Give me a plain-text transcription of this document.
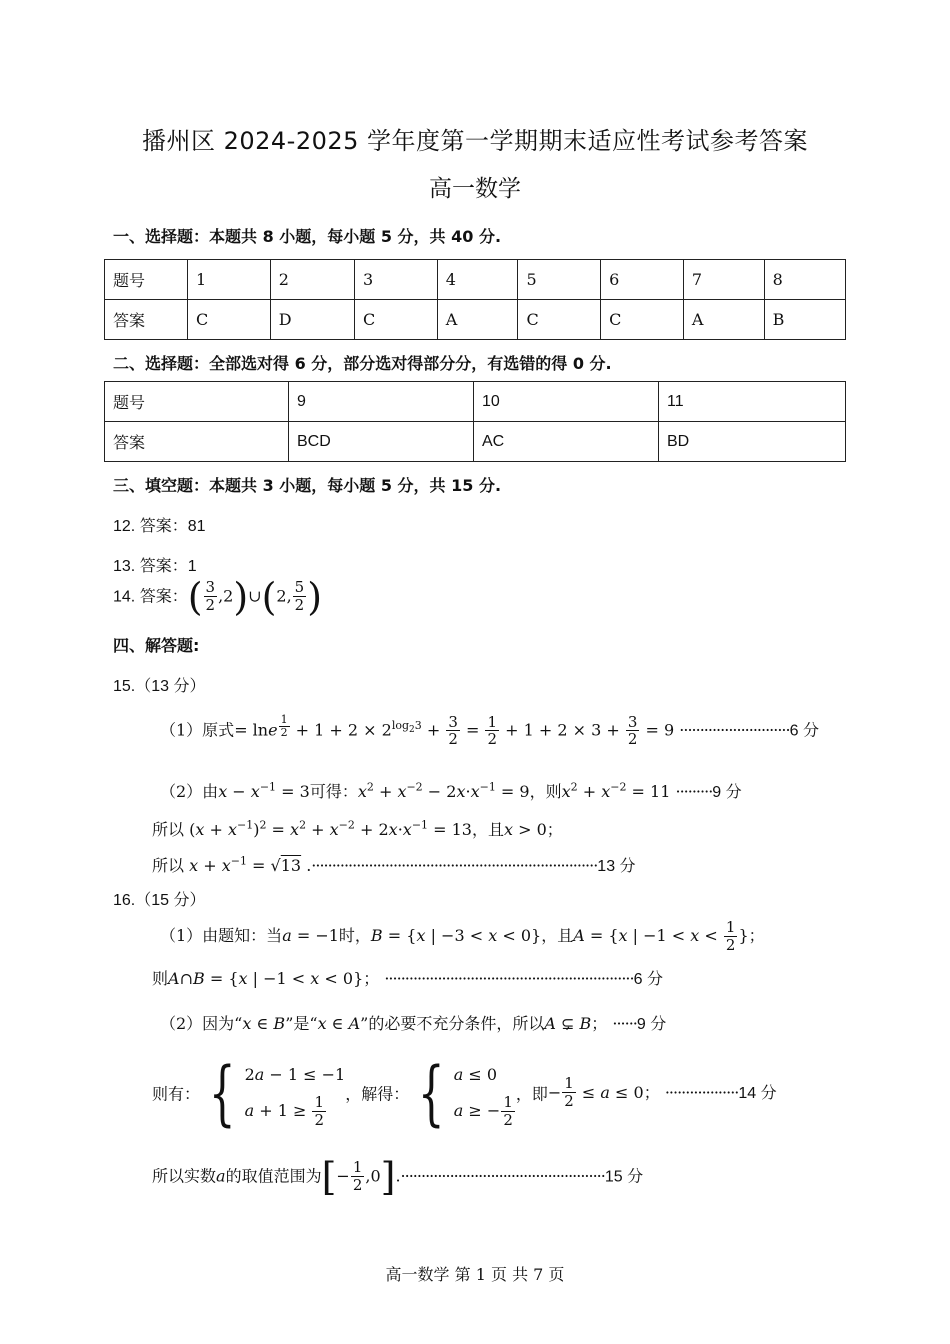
播州区 2024-2025 学年度第一学期期末适应性考试参考答案
高一数学
一、选择题：本题共 8 小题，每小题 5 分，共 40 分.
题号	1	2	3	4	5	6	7	8
答案	C	D	C	A	C	C	A	B
二、选择题：全部选对得 6 分，部分选对得部分分，有选错的得 0 分.
题号	9	10	11
答案	BCD	AC	BD
三、填空题：本题共 3 小题，每小题 5 分，共 15 分.
12. 答案：81
13. 答案：1
14. 答案：( $\frac{3}{2}$ ,2)∪(2, $\frac{5}{2}$ )
四、解答题:
15.（13 分）
（1）原式= lne $^{\frac{1}{2}} + 1 + 2 \times 2^{log_23} + \frac{3}{2} = \frac{1}{2} + 1 + 2 \times 3 + \frac{3}{2} = 9 \cdot\cdot\cdot\cdot\cdot\cdot\cdot\cdot\cdot\cdot\cdot\cdot\cdot\cdot\cdot\cdot\cdot\cdot\cdot\cdot\cdot\cdot\cdot\cdot\cdot\cdot\cdot 6$ 分
（2）由$x - x^{-1} = 3$可得：$x^2 + x^{-2} - 2x\cdot x^{-1} = 9$，则$x^2 + x^{-2} = 11 \cdot\cdot\cdot\cdot\cdot\cdot\cdot\cdot\cdot 9$ 分
所以 $(x + x^{-1})^2 = x^2 + x^{-2} + 2x\cdot x^{-1} = 13$，且x > 0；
所以 $x + x^{-1} = √13$ .······································································13 分
16.（15 分）
（1）由题知：当a = −1时，B = {x | −3 < x < 0}，且A = {x | $-1 < x < \frac{1}{2}$ }；
则A∩B = {x | −1 < x < 0}； ·····························································6 分
（2）因为“x ∈ B”是“x ∈ A”的必要不充分条件，所以A ⊊ B； ······9 分
则有： { 2a − 1 ≤ −1
$a + 1 \ge \frac{1}{2}$
，解得： { a ≤ 0
a ≥ − $\frac{1}{2}$
，即− $\frac{1}{2} \le a \le 0$； ··················14 分
所以实数a的取值范围为[− $\frac{1}{2} ,0].\cdot\cdot\cdot\cdot\cdot\cdot\cdot\cdot\cdot\cdot\cdot\cdot\cdot\cdot\cdot\cdot\cdot\cdot\cdot\cdot\cdot\cdot\cdot\cdot\cdot\cdot\cdot\cdot\cdot\cdot\cdot\cdot\cdot\cdot\cdot\cdot\cdot\cdot\cdot\cdot\cdot\cdot\cdot\cdot\cdot\cdot\cdot\cdot\cdot\cdot 15$ 分
高一数学 第 1 页 共 7 页
